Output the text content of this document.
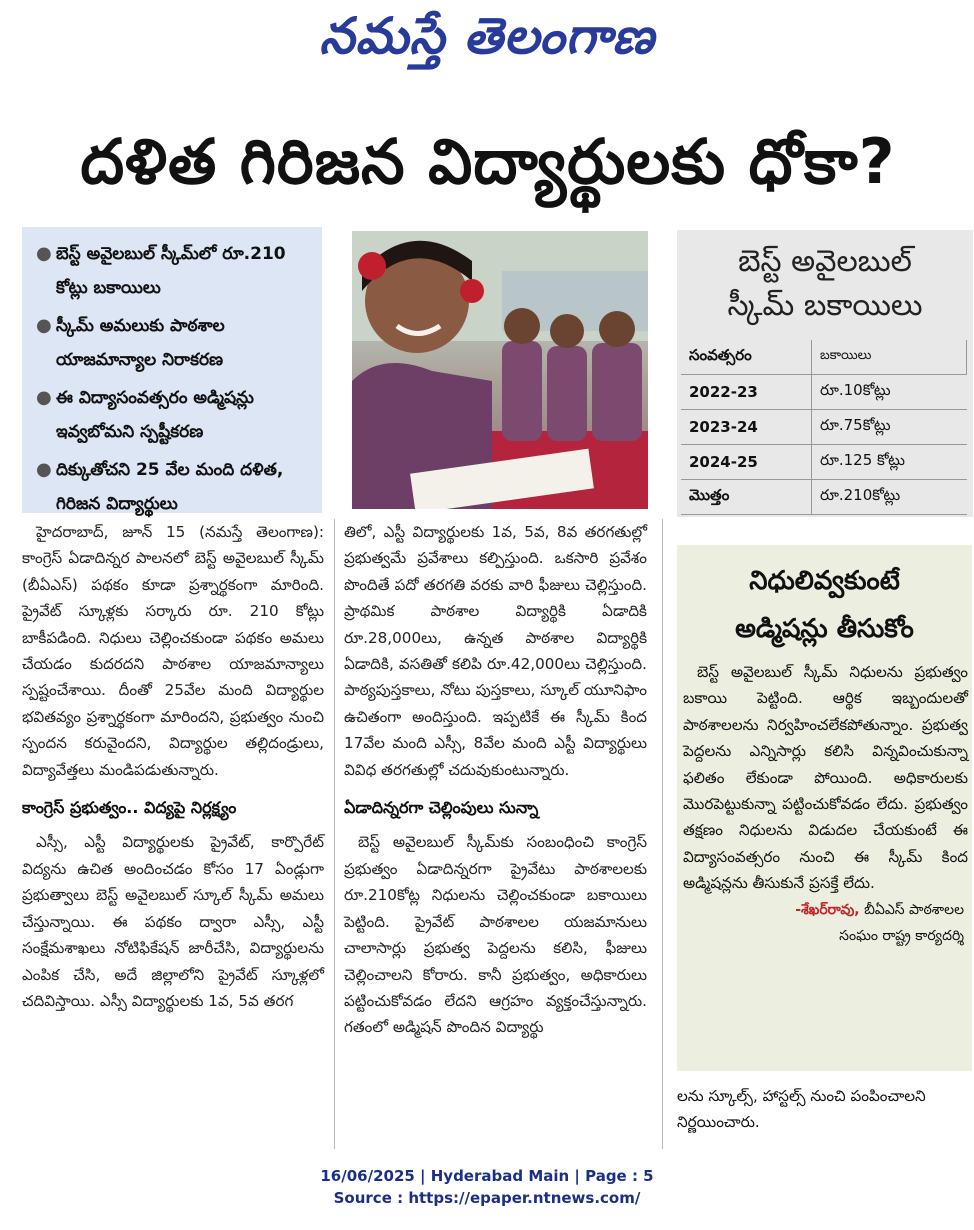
నమస్తే తెలంగాణ
దళిత గిరిజన విద్యార్థులకు ధోకా?
● బెస్ట్ అవైలబుల్ స్కీమ్‌లో రూ.210 కోట్లు బకాయిలు
● స్కీమ్ అమలుకు పాఠశాల యాజమాన్యాల నిరాకరణ
● ఈ విద్యాసంవత్సరం అడ్మిషన్లు ఇవ్వబోమని స్పష్టీకరణ
● దిక్కుతోచని 25 వేల మంది దళిత, గిరిజన విద్యార్థులు
బెస్ట్ అవైలబుల్
స్కీమ్ బకాయిలు
సంవత్సరం	బకాయిలు
2022-23	రూ.10కోట్లు
2023-24	రూ.75కోట్లు
2024-25	రూ.125 కోట్లు
మొత్తం	రూ.210కోట్లు

హైదరాబాద్, జూన్ 15 (నమస్తే తెలంగాణ): కాంగ్రెస్ ఏడాదిన్నర పాలనలో బెస్ట్ అవైలబుల్ స్కీమ్ (బీఏఎస్) పథకం కూడా ప్రశ్నార్థకంగా మారింది. ప్రైవేట్ స్కూళ్లకు సర్కారు రూ. 210 కోట్లు బాకీపడింది. నిధులు చెల్లించకుండా పథకం అమలు చేయడం కుదరదని పాఠశాల యాజమాన్యాలు స్పష్టంచేశాయి. దీంతో 25వేల మంది విద్యార్థుల భవితవ్యం ప్రశ్నార్థకంగా మారిందని, ప్రభుత్వం నుంచి స్పందన కరువైందని, విద్యార్థుల తల్లిదండ్రులు, విద్యావేత్తలు మండిపడుతున్నారు.

కాంగ్రెస్ ప్రభుత్వం.. విద్యపై నిర్లక్ష్యం

ఎస్సీ, ఎస్టీ విద్యార్థులకు ప్రైవేట్, కార్పొరేట్ విద్యను ఉచిత అందించడం కోసం 17 ఏండ్లుగా ప్రభుత్వాలు బెస్ట్ అవైలబుల్ స్కూల్ స్కీమ్ అమలు చేస్తున్నాయి. ఈ పథకం ద్వారా ఎస్సీ, ఎస్టీ సంక్షేమశాఖలు నోటిఫికేషన్ జారీచేసి, విద్యార్థులను ఎంపిక చేసి, అదే జిల్లాలోని ప్రైవేట్ స్కూళ్లలో చదివిస్తాయి. ఎస్సీ విద్యార్థులకు 1వ, 5వ తరగ

తిలో, ఎస్టీ విద్యార్థులకు 1వ, 5వ, 8వ తరగతుల్లో ప్రభుత్వమే ప్రవేశాలు కల్పిస్తుంది. ఒకసారి ప్రవేశం పొందితే పదో తరగతి వరకు వారి ఫీజులు చెల్లిస్తుంది. ప్రాథమిక పాఠశాల విద్యార్థికి ఏడాదికి రూ.28,000లు, ఉన్నత పాఠశాల విద్యార్థికి ఏడాదికి, వసతితో కలిపి రూ.42,000లు చెల్లిస్తుంది. పాఠ్యపుస్తకాలు, నోటు పుస్తకాలు, స్కూల్ యూనిఫాం ఉచితంగా అందిస్తుంది. ఇప్పటికే ఈ స్కీమ్ కింద 17వేల మంది ఎస్సీ, 8వేల మంది ఎస్టీ విద్యార్థులు వివిధ తరగతుల్లో చదువుకుంటున్నారు.

ఏడాదిన్నరగా చెల్లింపులు సున్నా

బెస్ట్ అవైలబుల్ స్కీమ్‌కు సంబంధించి కాంగ్రెస్ ప్రభుత్వం ఏడాదిన్నరగా ప్రైవేటు పాఠశాలలకు రూ.210కోట్ల నిధులను చెల్లించకుండా బకాయిలు పెట్టింది. ప్రైవేట్ పాఠశాలల యజమానులు చాలాసార్లు ప్రభుత్వ పెద్దలను కలిసి, ఫీజులు చెల్లించాలని కోరారు. కానీ ప్రభుత్వం, అధికారులు పట్టించుకోవడం లేదని ఆగ్రహం వ్యక్తంచేస్తున్నారు. గతంలో అడ్మిషన్ పొందిన విద్యార్థు

నిధులివ్వకుంటే
అడ్మిషన్లు తీసుకోం

బెస్ట్ అవైలబుల్ స్కీమ్ నిధులను ప్రభుత్వం బకాయి పెట్టింది. ఆర్థిక ఇబ్బందులతో పాఠశాలలను నిర్వహించలేకపోతున్నాం. ప్రభుత్వ పెద్దలను ఎన్నిసార్లు కలిసి విన్నవించుకున్నా ఫలితం లేకుండా పోయింది. అధికారులకు మొరపెట్టుకున్నా పట్టించుకోవడం లేదు. ప్రభుత్వం తక్షణం నిధులను విడుదల చేయకుంటే ఈ విద్యాసంవత్సరం నుంచి ఈ స్కీమ్ కింద అడ్మిషన్లను తీసుకునే ప్రసక్తే లేదు.

-శేఖర్‌రావు, బీఏఎస్ పాఠశాలల
సంఘం రాష్ట్ర కార్యదర్శి
లను స్కూల్స్, హాస్టల్స్ నుంచి పంపించాలని నిర్ణయించారు.
16/06/2025 | Hyderabad Main | Page : 5
Source : https://epaper.ntnews.com/
